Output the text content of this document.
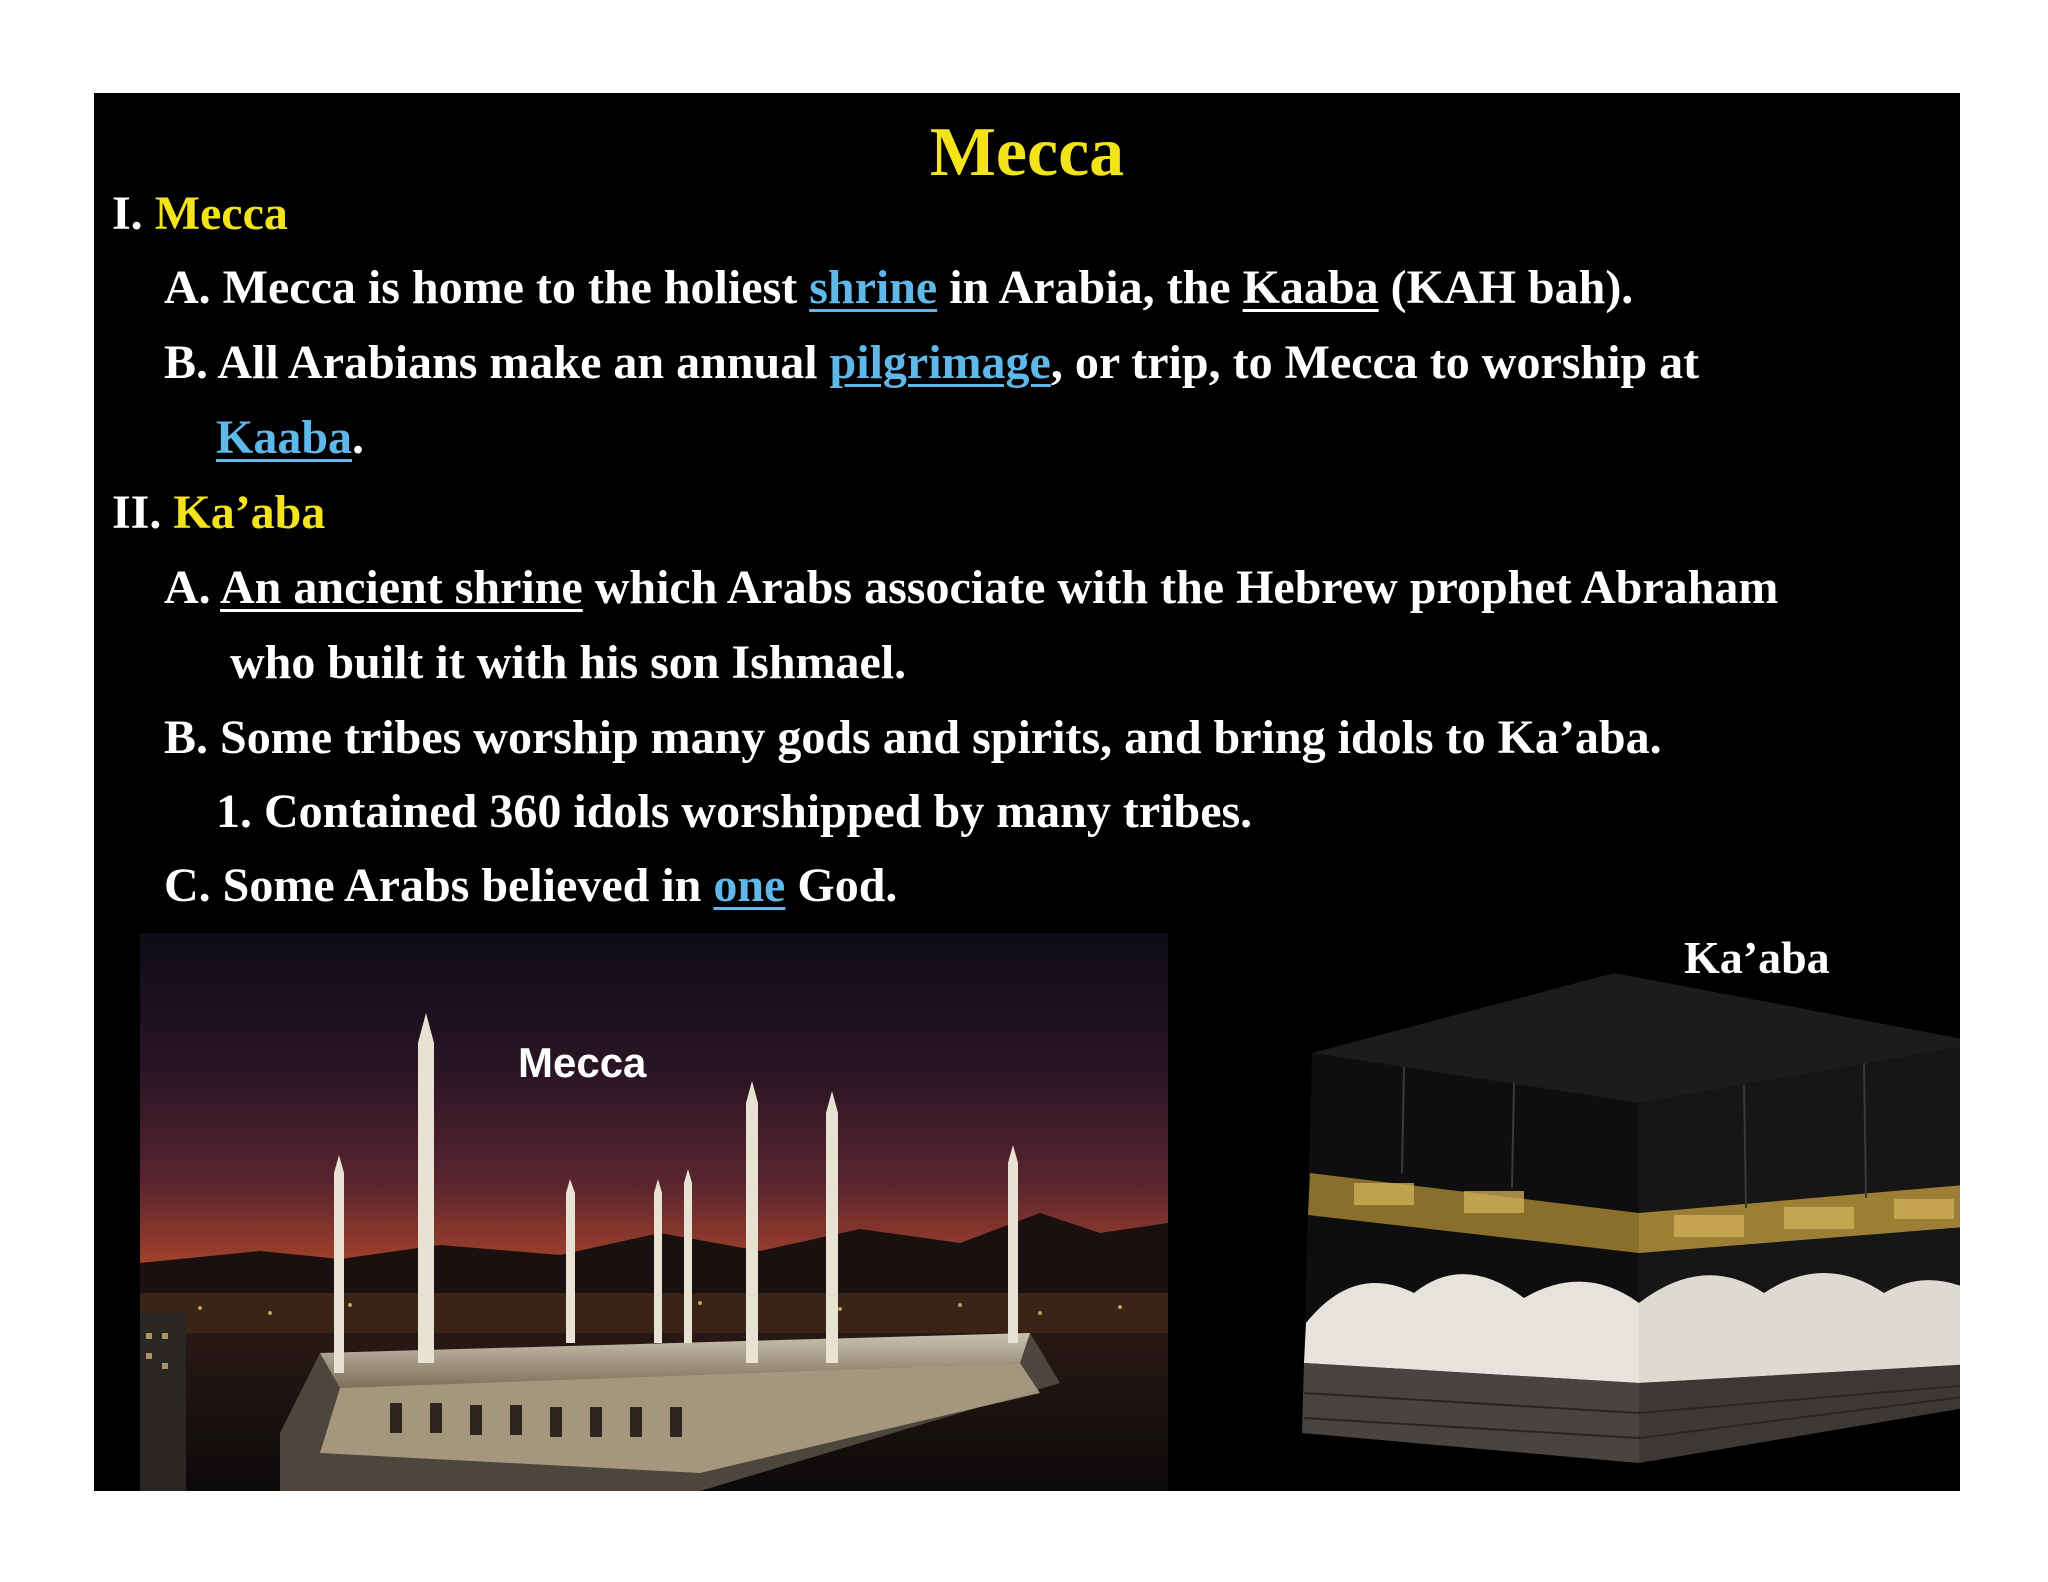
Mecca
I. Mecca
A. Mecca is home to the holiest shrine in Arabia, the Kaaba (KAH bah).
B. All Arabians make an annual pilgrimage, or trip, to Mecca to worship at
Kaaba.
II. Ka’aba
A. An ancient shrine which Arabs associate with the Hebrew prophet Abraham
who built it with his son Ishmael.
B. Some tribes worship many gods and spirits, and bring idols to Ka’aba.
1. Contained 360 idols worshipped by many tribes.
C. Some Arabs believed in one God.
Mecca
Ka’aba
